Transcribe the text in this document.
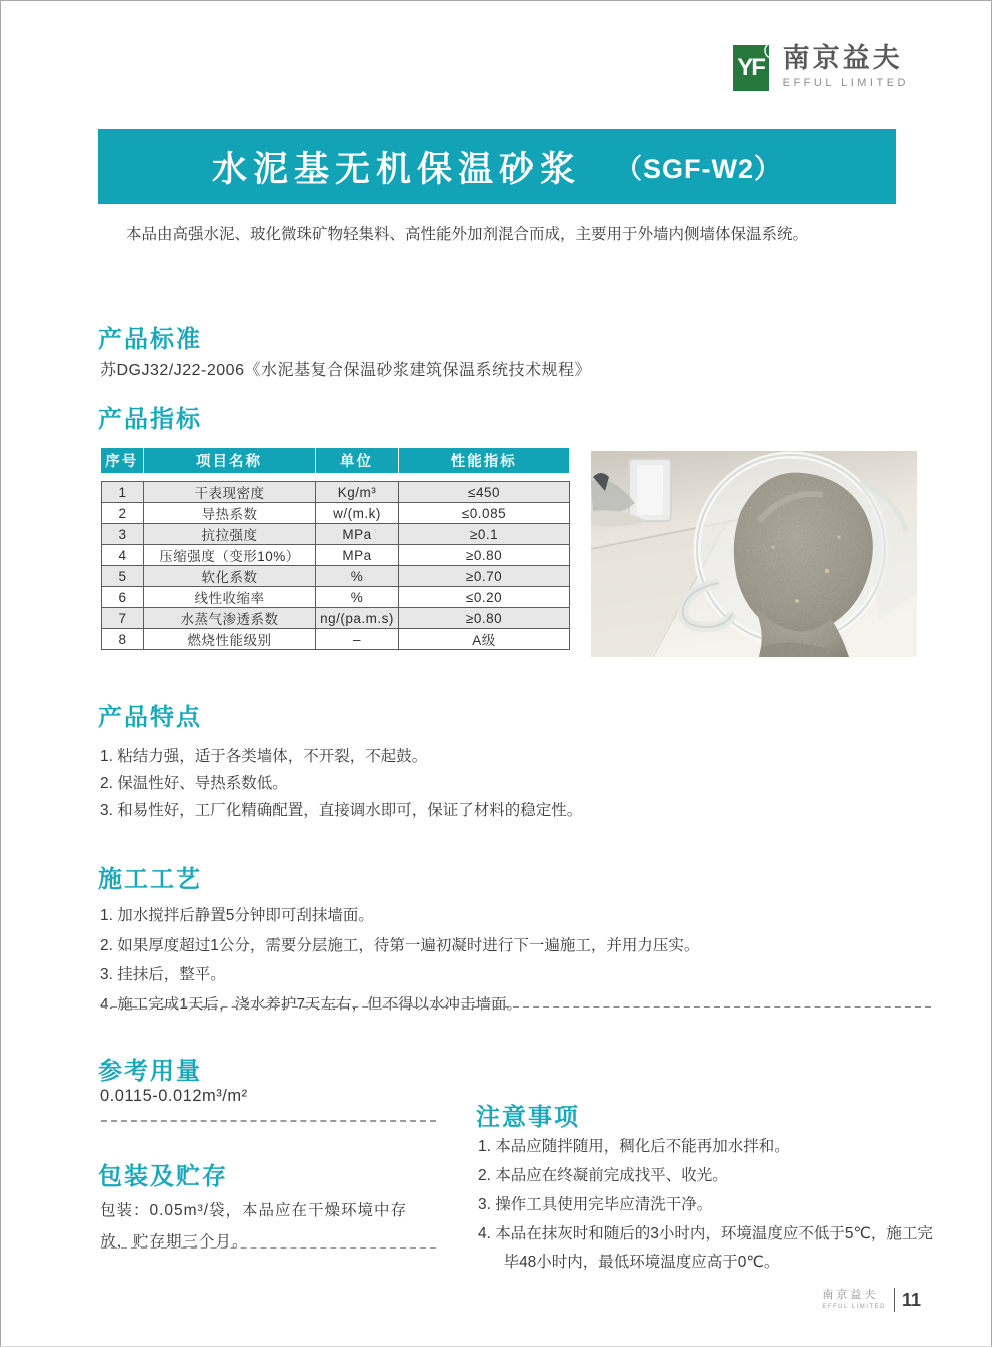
YF
® 南京益夫
EFFUL LIMITED
水泥基无机保温砂浆 （SGF-W2）
本品由高强水泥、玻化微珠矿物轻集料、高性能外加剂混合而成，主要用于外墙内侧墙体保温系统。
产品标准
苏DGJ32/J22-2006《水泥基复合保温砂浆建筑保温系统技术规程》
产品指标
序号	项目名称	单位	性能指标
1	干表现密度	Kg/m³	≤450
2	导热系数	w/(m.k)	≤0.085
3	抗拉强度	MPa	≥0.1
4	压缩强度（变形10%）	MPa	≥0.80
5	软化系数	%	≥0.70
6	线性收缩率	%	≤0.20
7	水蒸气渗透系数	ng/(pa.m.s)	≥0.80
8	燃烧性能级别	–	A级
产品特点
1. 粘结力强，适于各类墙体，不开裂，不起鼓。
2. 保温性好、导热系数低。
3. 和易性好，工厂化精确配置，直接调水即可，保证了材料的稳定性。
施工工艺
1. 加水搅拌后静置5分钟即可刮抹墙面。
2. 如果厚度超过1公分，需要分层施工，待第一遍初凝时进行下一遍施工，并用力压实。
3. 挂抹后，整平。
4. 施工完成1天后，浇水养护7天左右，但不得以水冲击墙面。
参考用量
0.0115-0.012m³/m²
包装及贮存
包装：0.05m³/袋，本品应在干燥环境中存放，贮存期三个月。
注意事项
1. 本品应随拌随用，稠化后不能再加水拌和。
2. 本品应在终凝前完成找平、收光。
3. 操作工具使用完毕应清洗干净。
4. 本品在抹灰时和随后的3小时内，环境温度应不低于5℃，施工完毕48小时内，最低环境温度应高于0℃。
南京益夫
EFFUL LIMITED 11
